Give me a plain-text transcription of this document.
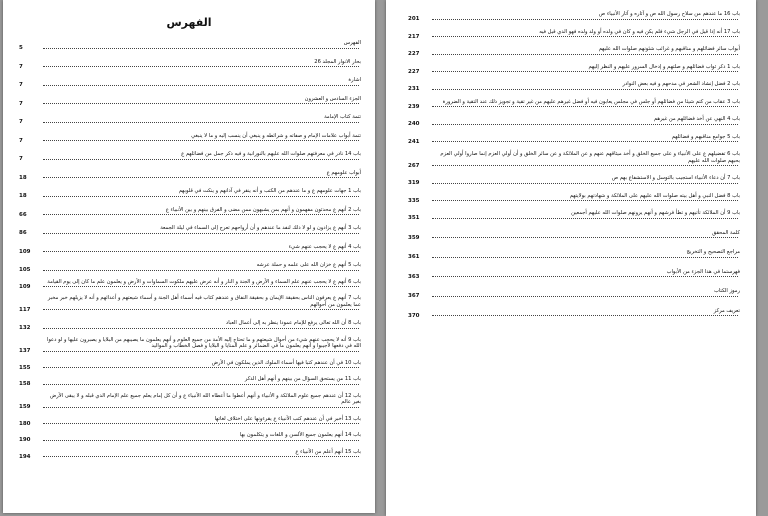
الفهرس
الفهرس
5
بحار الانوار المجلد 26
7
اشارة
7
الجزء السادس و العشرون
7
تتمة كتاب الإمامة
7
تتمة أبواب علامات الإمام و صفاته و شرائطه و ينبغي أن ينسب إليه و ما لا ينبغي
7
باب 14 نادر في معرفتهم صلوات الله عليهم بالنورانية و فيه ذكر جمل من فضائلهم ع
7
أبواب علومهم ع
18
باب 1 جهات علومهم ع و ما عندهم من الكتب و أنه ينقر في آذانهم و ينكت في قلوبهم
18
باب 2 أنهم ع محدثون مفهمون و أنهم بمن يشبهون ممن مضى و الفرق بينهم و بين الأنبياء ع
66
باب 3 أنهم ع يزادون و لو لا ذلك لنفد ما عندهم و أن أرواحهم تعرج إلى السماء في ليلة الجمعة
86
باب 4 أنهم ع لا يحجب عنهم شيء
109
باب 5 أنهم ع خزان الله على علمه و حملة عرشه
105
باب 6 أنهم ع لا يحجب عنهم علم السماء و الأرض و الجنة و النار و أنه عرض عليهم ملكوت السماوات و الأرض و يعلمون علم ما كان إلى يوم القيامة
109
باب 7 أنهم ع يعرفون الناس بحقيقة الإيمان و بحقيقة النفاق و عندهم كتاب فيه أسماء أهل الجنة و أسماء شيعتهم و أعدائهم و أنه لا يزيلهم خبر مخبر عما يعلمون من أحوالهم
117
باب 8 أن الله تعالى يرفع للإمام عمودا ينظر به إلى أعمال العباد
132
باب 9 أنه لا يحجب عنهم شيء من أحوال شيعتهم و ما تحتاج إليه الأمة من جميع العلوم و أنهم يعلمون ما يصيبهم من البلايا و يصبرون عليها و لو دعوا الله في دفعها لأجيبوا و أنهم يعلمون ما في الضمائر و علم المنايا و البلايا و فصل الخطاب و المواليد
137
باب 10 في أن عندهم كتبا فيها أسماء الملوك الذين يملكون في الأرض
155
باب 11 من يستحق السؤال من بينهم و أنهم أهل الذكر
158
باب 12 أن عندهم جميع علوم الملائكة و الأنبياء و أنهم أعطوا ما أعطاه الله الأنبياء ع و أن كل إمام يعلم جميع علم الإمام الذي قبله و لا يبقى الأرض بغير عالم
159
باب 13 أخبر في أن عندهم كتب الأنبياء ع يقرءونها على اختلاف لغاتها
180
باب 14 أنهم يعلمون جميع الألسن و اللغات و يتكلمون بها
190
باب 15 أنهم أعلم من الأنبياء ع
194
باب 16 ما عندهم من سلاح رسول الله ص و آثاره و آثار الأنبياء ص
201
باب 17 أنه إذا قيل في الرجل شيء فلم يكن فيه و كان في ولده أو ولد ولده فهو الذي قيل فيه
217
أبواب سائر فضائلهم و مناقبهم و غرائب شئونهم صلوات الله عليهم
227
باب 1 ذكر ثواب فضائلهم و صلتهم و إدخال السرور عليهم و النظر إليهم
227
باب 2 فضل إنشاد الشعر في مدحهم و فيه بعض النوادر
231
باب 3 عقاب من كتم شيئا من فضائلهم أو جلس في مجلس يعابون فيه أو فضل غيرهم عليهم من غير تقية و تجويز ذلك عند التقية و الضرورة
239
باب 4 النهي عن أخذ فضائلهم من غيرهم
240
باب 5 جوامع مناقبهم و فضائلهم
241
باب 6 تفضيلهم ع على الأنبياء و على جميع الخلق و أخذ ميثاقهم عنهم و عن الملائكة و عن سائر الخلق و أن أولي العزم إنما صاروا أولي العزم بحبهم صلوات الله عليهم
267
باب 7 أن دعاء الأنبياء استجيب بالتوسل و الاستشفاع بهم ص
319
باب 8 فضل النبي و أهل بيته صلوات الله عليهم على الملائكة و شهادتهم بولايتهم
335
باب 9 أن الملائكة تأتيهم و تطأ فرشهم و أنهم يرونهم صلوات الله عليهم أجمعين
351
كلمة المحقق
359
مراجع التصحيح و التخريج
361
فهرستما في هذا الجزء من الأبواب
363
رموز الكتاب
367
تعريف مركز
370
